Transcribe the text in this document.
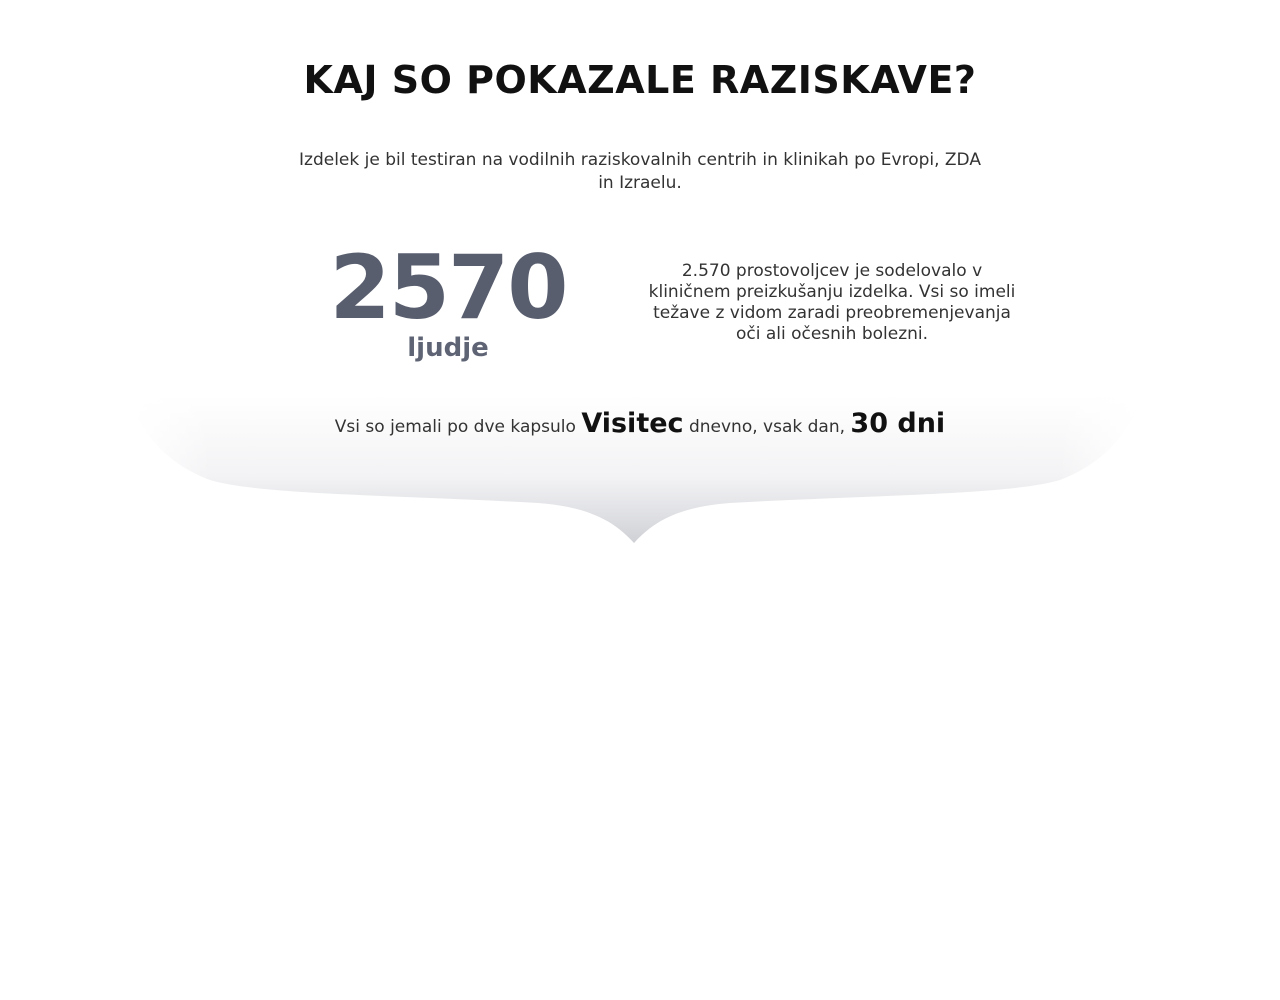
KAJ SO POKAZALE RAZISKAVE?

Izdelek je bil testiran na vodilnih raziskovalnih centrih in klinikah po Evropi, ZDA in Izraelu.

2570
ljudje

2.570 prostovoljcev je sodelovalo v kliničnem preizkušanju izdelka. Vsi so imeli težave z vidom zaradi preobremenjevanja oči ali očesnih bolezni.

Vsi so jemali po dve kapsulo Visitec dnevno, vsak dan, 30 dni
